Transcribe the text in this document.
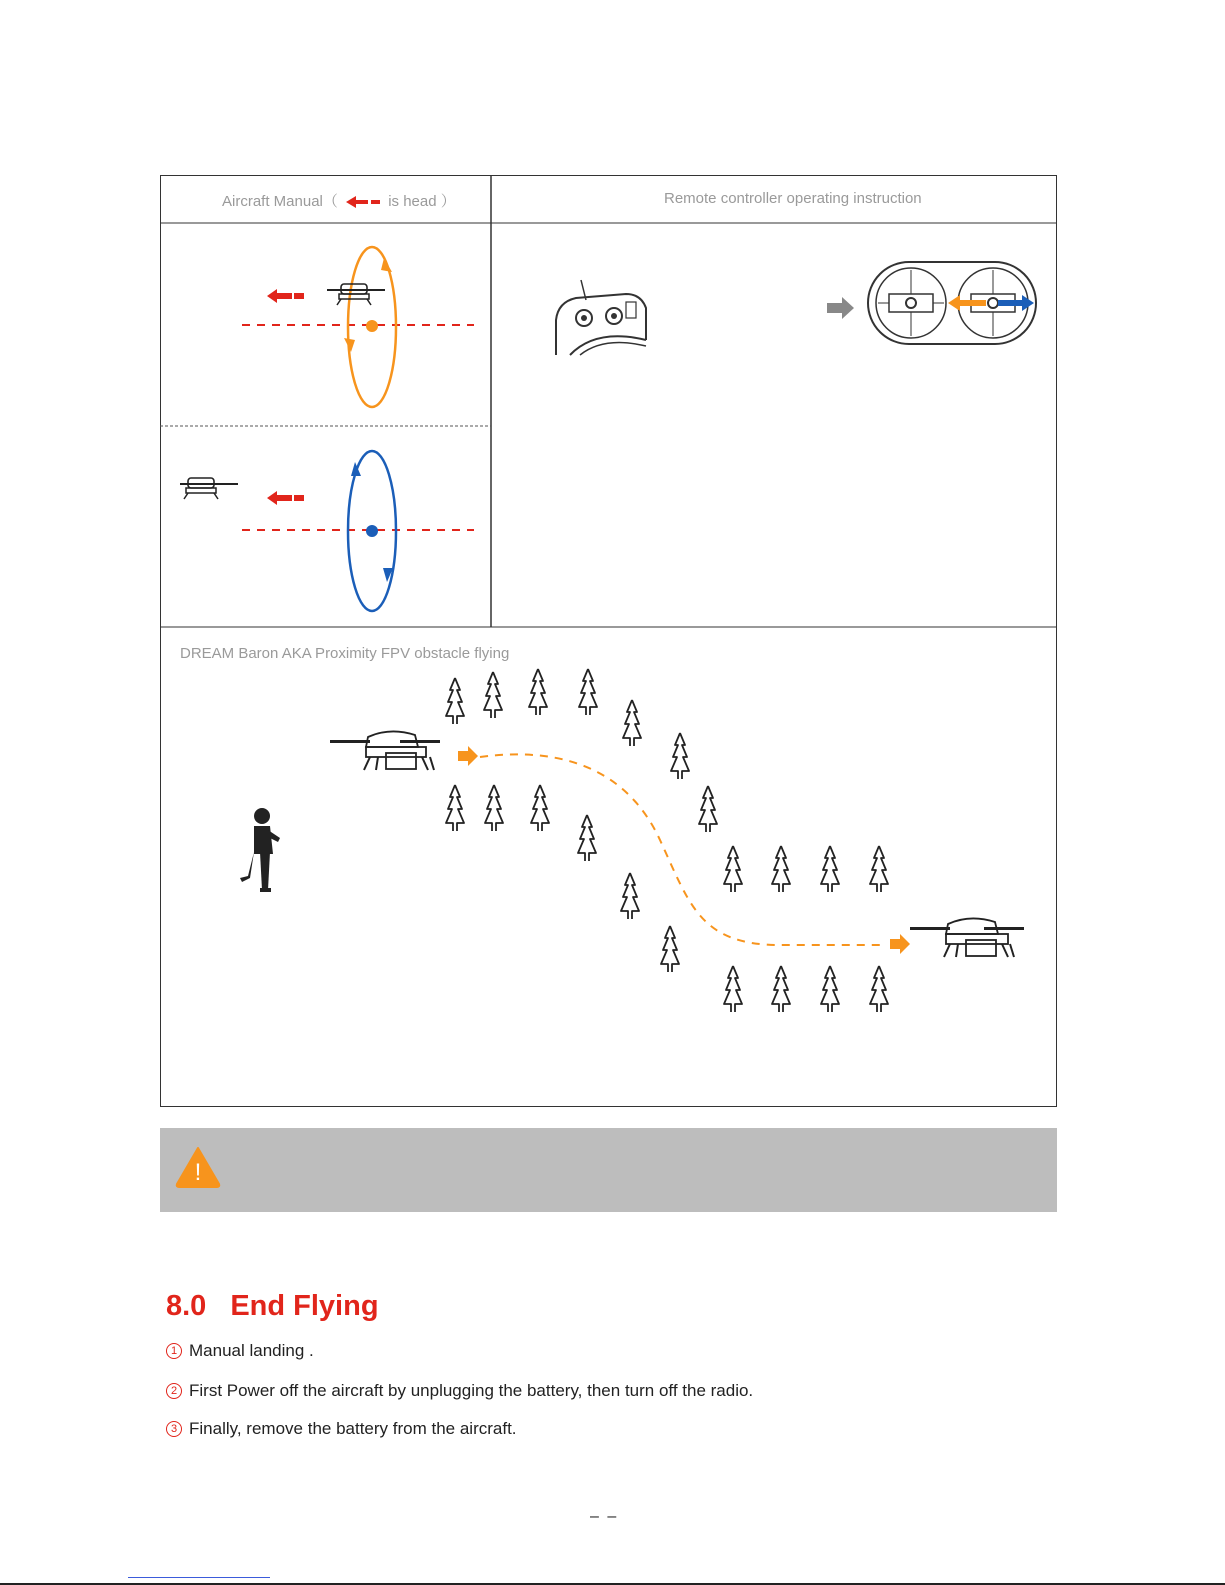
Aircraft Manual（	is head ）	Remote controller operating instruction
DREAM Baron AKA Proximity FPV obstacle flying
!
8.0 End Flying
1 Manual landing .
2 First Power off the aircraft by unplugging the battery, then turn off the radio.
3 Finally, remove the battery from the aircraft.
– –
